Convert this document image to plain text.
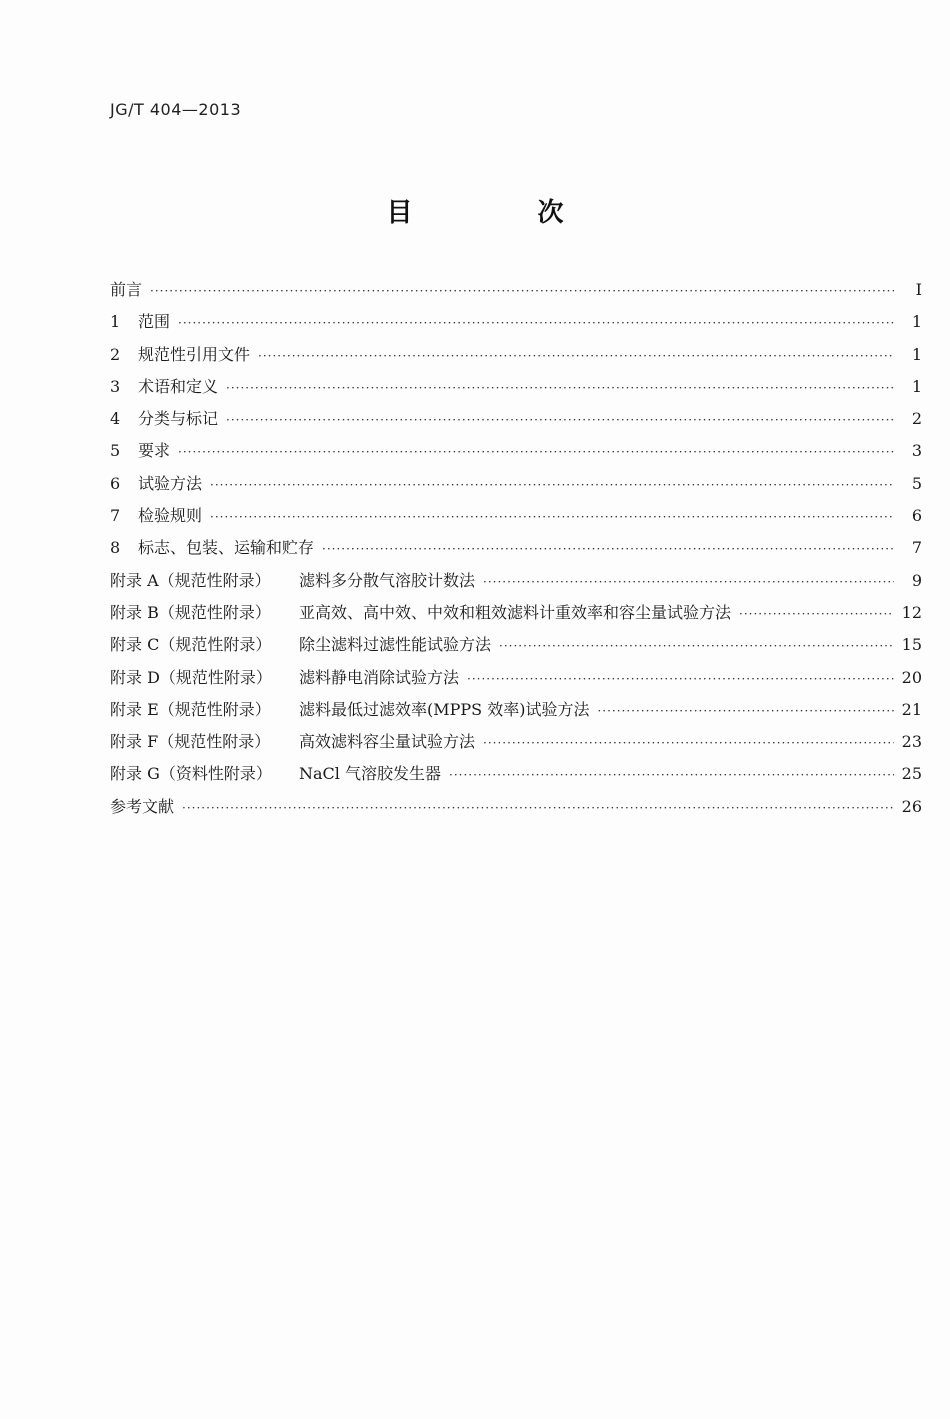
JG/T 404—2013
目 次
前言 ·····	Ⅰ
1	范围 ·····	1
2	规范性引用文件 ·····	1
3	术语和定义 ·····	1
4	分类与标记 ·····	2
5	要求 ·····	3
6	试验方法 ·····	5
7	检验规则 ·····	6
8	标志、包装、运输和贮存 ·····	7
附录 A（规范性附录）	滤料多分散气溶胶计数法 ·····	9
附录 B（规范性附录）	亚高效、高中效、中效和粗效滤料计重效率和容尘量试验方法 ·····	12
附录 C（规范性附录）	除尘滤料过滤性能试验方法 ·····	15
附录 D（规范性附录）	滤料静电消除试验方法 ·····	20
附录 E（规范性附录）	滤料最低过滤效率(MPPS 效率)试验方法 ·····	21
附录 F（规范性附录）	高效滤料容尘量试验方法 ·····	23
附录 G（资料性附录）	NaCl 气溶胶发生器 ·····	25
参考文献 ·····	26
